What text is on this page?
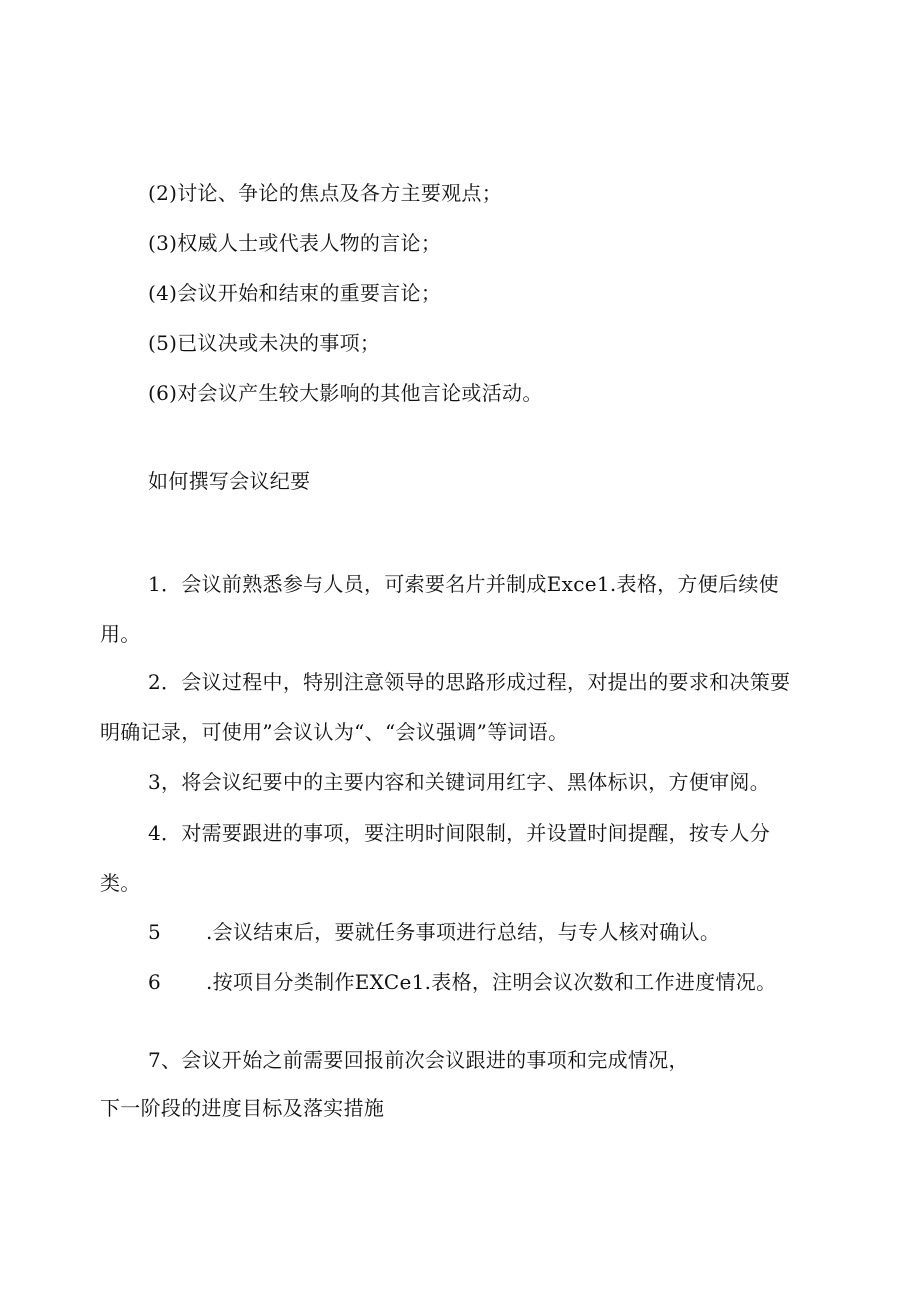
(2)讨论、争论的焦点及各方主要观点；
(3)权威人士或代表人物的言论；
(4)会议开始和结束的重要言论；
(5)已议决或未决的事项；
(6)对会议产生较大影响的其他言论或活动。
如何撰写会议纪要
1．会议前熟悉参与人员，可索要名片并制成Exce1.表格，方便后续使
用。
2．会议过程中，特别注意领导的思路形成过程，对提出的要求和决策要
明确记录，可使用”会议认为“、“会议强调”等词语。
3，将会议纪要中的主要内容和关键词用红字、黑体标识，方便审阅。
4．对需要跟进的事项，要注明时间限制，并设置时间提醒，按专人分
类。
5 .会议结束后，要就任务事项进行总结，与专人核对确认。
6 .按项目分类制作EXCe1.表格，注明会议次数和工作进度情况。
7、会议开始之前需要回报前次会议跟进的事项和完成情况，
下一阶段的进度目标及落实措施
